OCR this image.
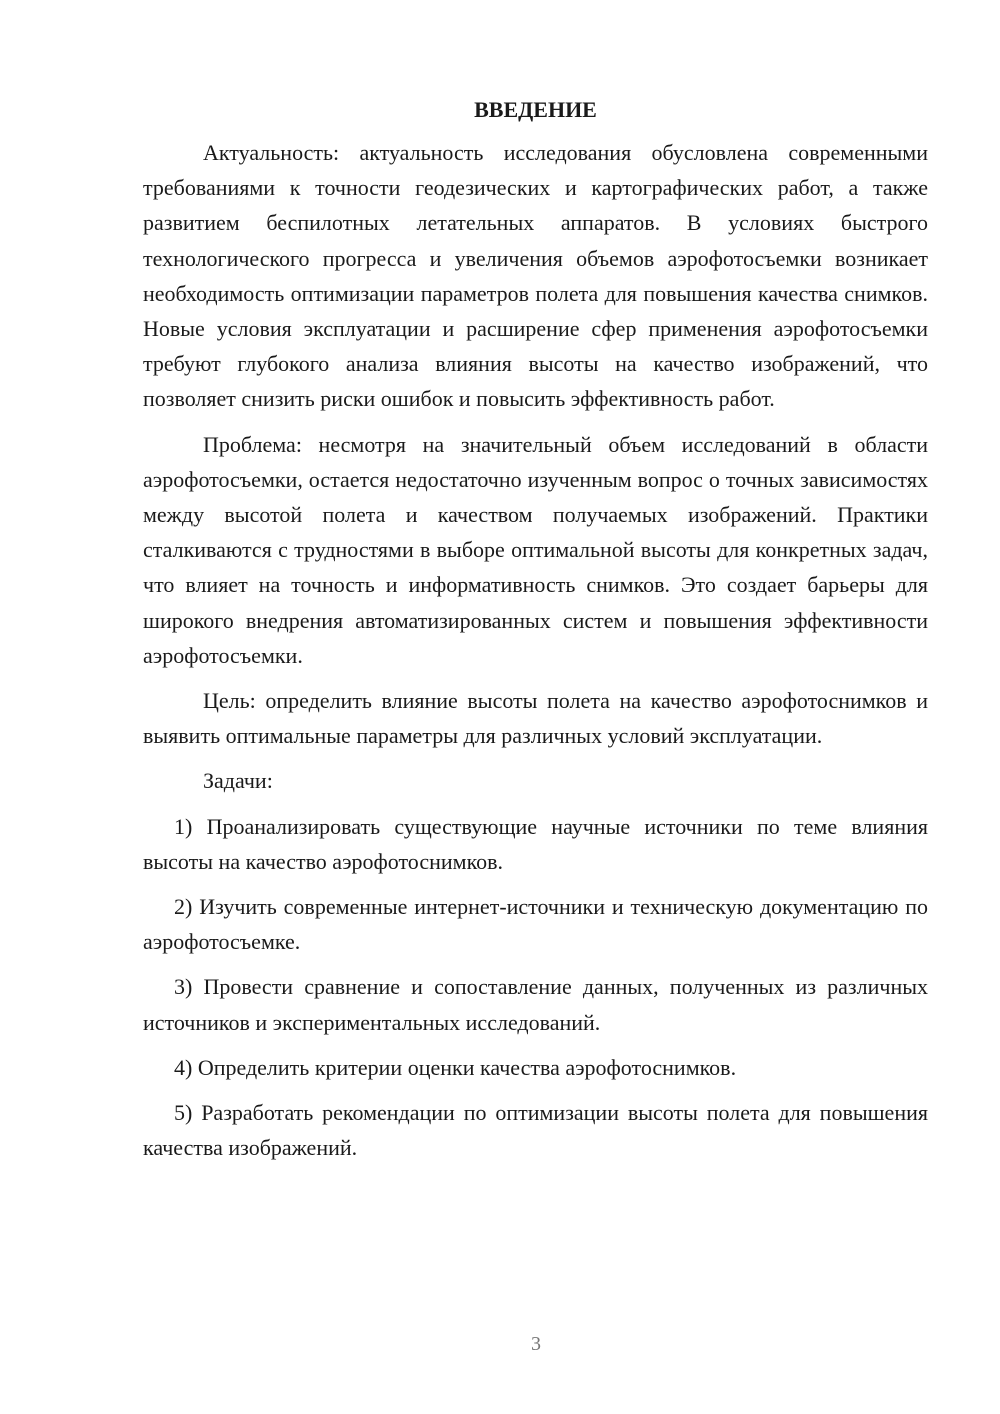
ВВЕДЕНИЕ

Актуальность: актуальность исследования обусловлена современными требованиями к точности геодезических и картографических работ, а также развитием беспилотных летательных аппаратов. В условиях быстрого технологического прогресса и увеличения объемов аэрофотосъемки возникает необходимость оптимизации параметров полета для повышения качества снимков. Новые условия эксплуатации и расширение сфер применения аэрофотосъемки требуют глубокого анализа влияния высоты на качество изображений, что позволяет снизить риски ошибок и повысить эффективность работ.

Проблема: несмотря на значительный объем исследований в области аэрофотосъемки, остается недостаточно изученным вопрос о точных зависимостях между высотой полета и качеством получаемых изображений. Практики сталкиваются с трудностями в выборе оптимальной высоты для конкретных задач, что влияет на точность и информативность снимков. Это создает барьеры для широкого внедрения автоматизированных систем и повышения эффективности аэрофотосъемки.

Цель: определить влияние высоты полета на качество аэрофотоснимков и выявить оптимальные параметры для различных условий эксплуатации.

Задачи:

1) Проанализировать существующие научные источники по теме влияния высоты на качество аэрофотоснимков.

2) Изучить современные интернет-источники и техническую документацию по аэрофотосъемке.

3) Провести сравнение и сопоставление данных, полученных из различных источников и экспериментальных исследований.

4) Определить критерии оценки качества аэрофотоснимков.

5) Разработать рекомендации по оптимизации высоты полета для повышения качества изображений.

3
